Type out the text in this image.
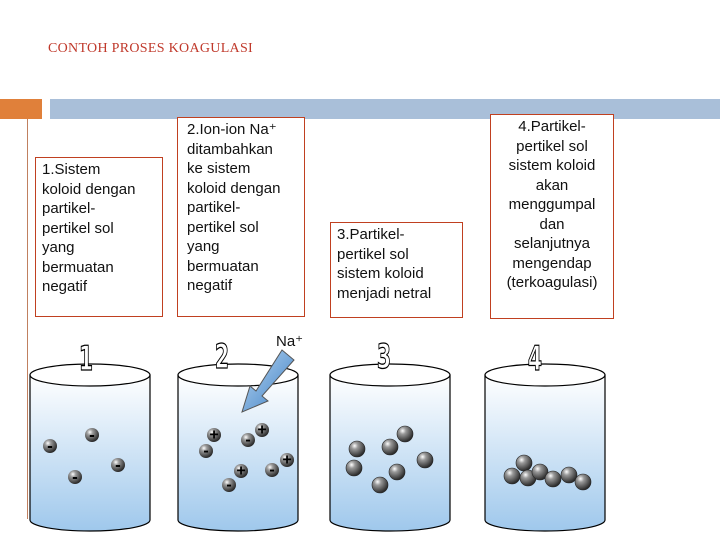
CONTOH PROSES KOAGULASI
1.Sistem
koloid dengan
partikel-
pertikel sol
yang
bermuatan
negatif
2.Ion-ion Na⁺
ditambahkan
ke sistem
koloid dengan
partikel-
pertikel sol
yang
bermuatan
negatif
3.Partikel-
pertikel sol
sistem koloid
menjadi netral
4.Partikel-
pertikel sol
sistem koloid
akan
menggumpal
dan
selanjutnya
mengendap
(terkoagulasi)
1	2	3	4
Na⁺
-
-
-
-
+
-
+
-
+
-
+
-
